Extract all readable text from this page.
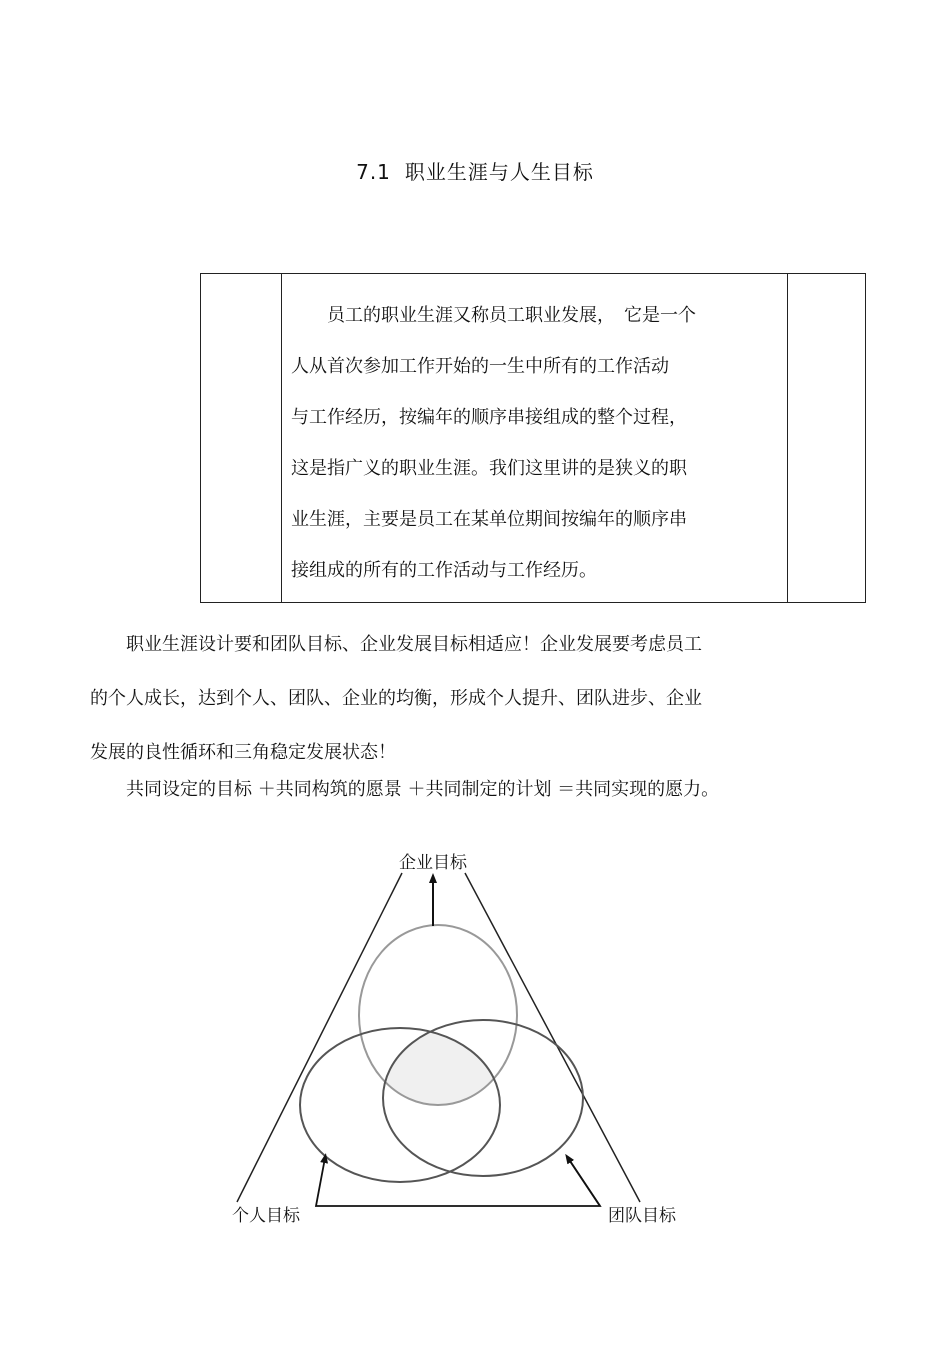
7.1 职业生涯与人生目标
　　员工的职业生涯又称员工职业发展，　它是一个
人从首次参加工作开始的一生中所有的工作活动
与工作经历，按编年的顺序串接组成的整个过程，
这是指广义的职业生涯。我们这里讲的是狭义的职
业生涯，主要是员工在某单位期间按编年的顺序串
接组成的所有的工作活动与工作经历。
　　职业生涯设计要和团队目标、企业发展目标相适应！企业发展要考虑员工
的个人成长，达到个人、团队、企业的均衡，形成个人提升、团队进步、企业
发展的良性循环和三角稳定发展状态！
　　共同设定的目标 ＋共同构筑的愿景 ＋共同制定的计划 ＝共同实现的愿力。
企业目标
个人目标	团队目标
